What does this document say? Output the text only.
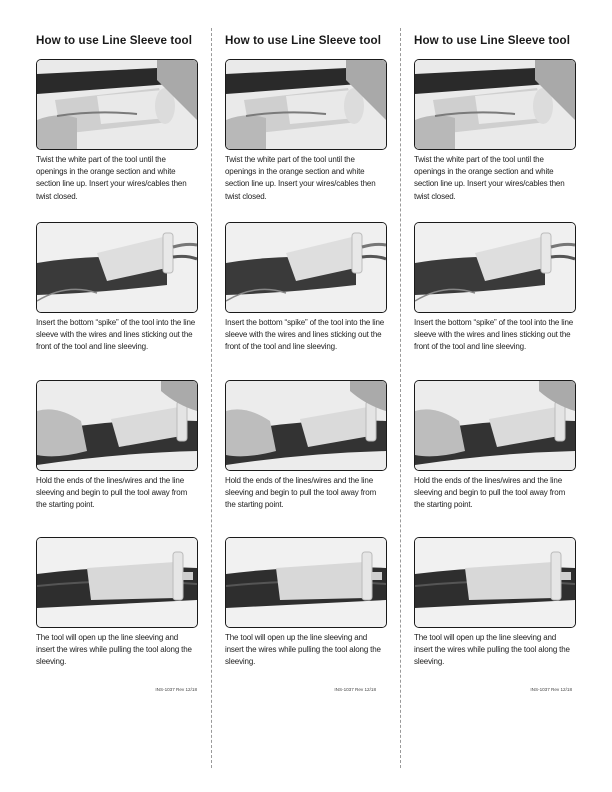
How to use Line Sleeve tool
Twist the white part of the tool until the openings in the orange section and white section line up. Insert your wires/cables then twist closed.
Insert the bottom “spike” of the tool into the line sleeve with the wires and lines sticking out the front of the tool and line sleeving.
Hold the ends of the lines/wires and the line sleeving and begin to pull the tool away from the starting point.
The tool will open up the line sleeving and insert the wires while pulling the tool along the sleeving.
INS-1037 Rev 12/18
How to use Line Sleeve tool
Twist the white part of the tool until the openings in the orange section and white section line up. Insert your wires/cables then twist closed.
Insert the bottom “spike” of the tool into the line sleeve with the wires and lines sticking out the front of the tool and line sleeving.
Hold the ends of the lines/wires and the line sleeving and begin to pull the tool away from the starting point.
The tool will open up the line sleeving and insert the wires while pulling the tool along the sleeving.
INS-1037 Rev 12/18
How to use Line Sleeve tool
Twist the white part of the tool until the openings in the orange section and white section line up. Insert your wires/cables then twist closed.
Insert the bottom “spike” of the tool into the line sleeve with the wires and lines sticking out the front of the tool and line sleeving.
Hold the ends of the lines/wires and the line sleeving and begin to pull the tool away from the starting point.
The tool will open up the line sleeving and insert the wires while pulling the tool along the sleeving.
INS-1037 Rev 12/18
